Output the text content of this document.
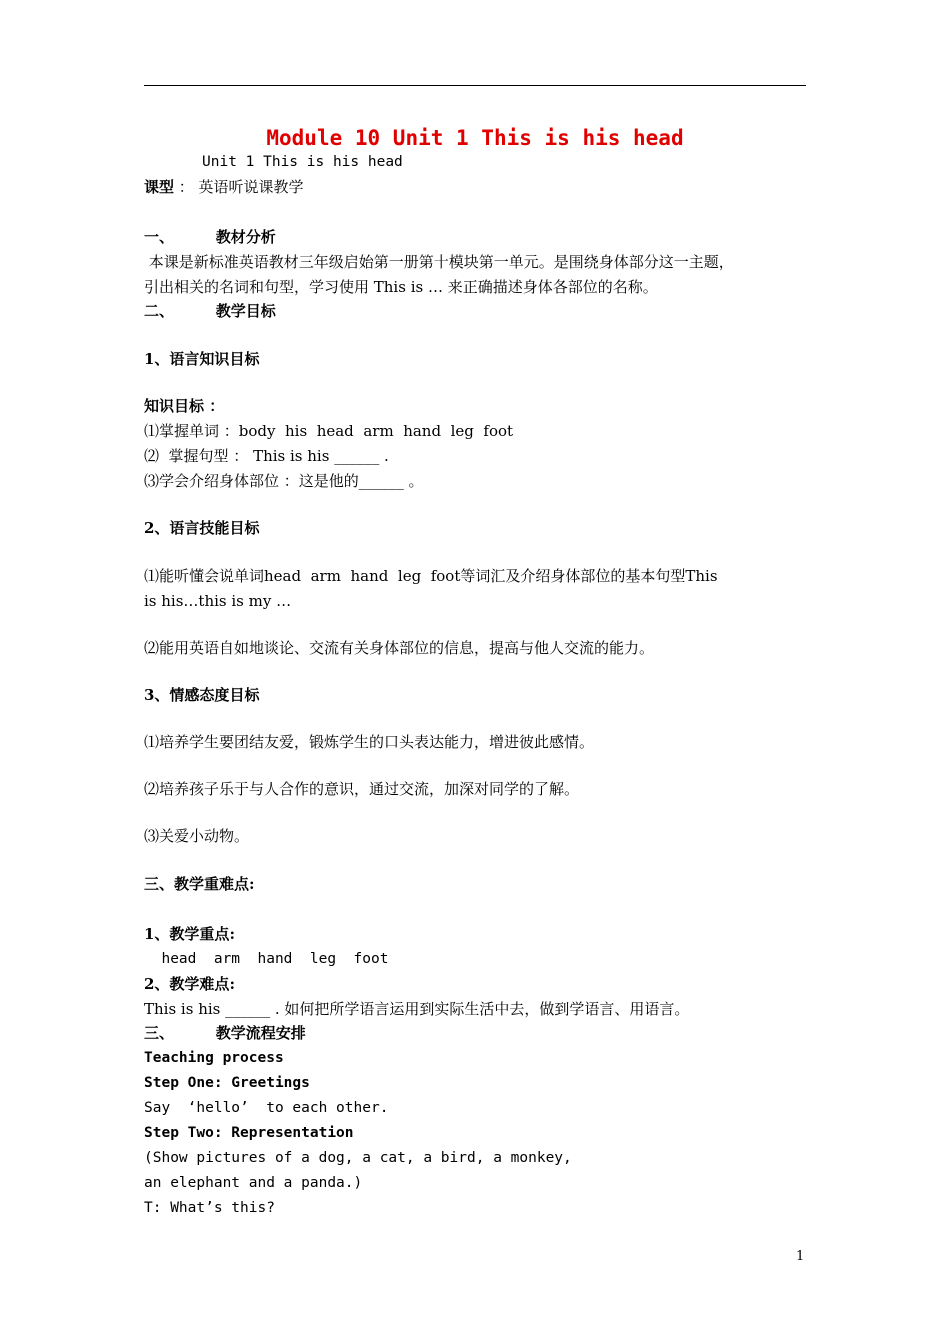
Module 10 Unit 1 This is his head
Unit 1 This is his head
课型 ： 英语听说课教学
一、        教材分析
本课是新标准英语教材三年级启始第一册第十模块第一单元。是围绕身体部分这一主题，
引出相关的名词和句型，学习使用 This is … 来正确描述身体各部位的名称。
二、        教学目标
1、语言知识目标
知识目标 ：
⑴掌握单词 ：body  his  head  arm  hand  leg  foot
⑵  掌握句型 ： This is his ______ .
⑶学会介绍身体部位 ：这是他的______ 。
2、语言技能目标
⑴能听懂会说单词head  arm  hand  leg  foot等词汇及介绍身体部位的基本句型This
is his…this is my …
⑵能用英语自如地谈论、交流有关身体部位的信息，提高与他人交流的能力。
3、情感态度目标
⑴培养学生要团结友爱，锻炼学生的口头表达能力，增进彼此感情。
⑵培养孩子乐于与人合作的意识，通过交流，加深对同学的了解。
⑶关爱小动物。
三、教学重难点:
1、教学重点:
head  arm  hand  leg  foot
2、教学难点:
This is his ______ . 如何把所学语言运用到实际生活中去，做到学语言、用语言。
三、        教学流程安排
Teaching process
Step One: Greetings
Say  ‘hello’  to each other.
Step Two: Representation
(Show pictures of a dog, a cat, a bird, a monkey,
an elephant and a panda.)
T: What’s this?
1
